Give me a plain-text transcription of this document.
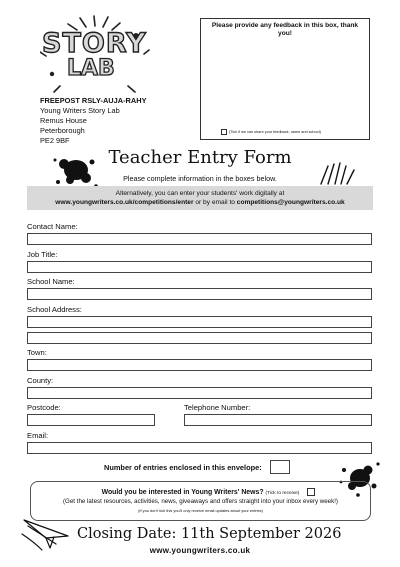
STORY
LAB
FREEPOST RSLY-AUJA-RAHY
Young Writers Story Lab
Remus House
Peterborough
PE2 9BF
Please provide any feedback in this box, thank you!
(Tick if we can share your feedback, name and school)
Teacher Entry Form
Please complete information in the boxes below.
Alternatively, you can enter your students' work digitally at
www.youngwriters.co.uk/competitions/enter or by email to competitions@youngwriters.co.uk
Contact Name:
Job Title:
School Name:
School Address:
Town:
County:
Postcode:	Telephone Number:
Email:
Number of entries enclosed in this envelope:
Would you be interested in Young Writers' News? (Tick to receive)
(Get the latest resources, activities, news, giveaways and offers straight into your inbox every week!)
(If you don't tick this you'll only receive email updates about your entries)
Closing Date: 11th September 2026
www.youngwriters.co.uk
